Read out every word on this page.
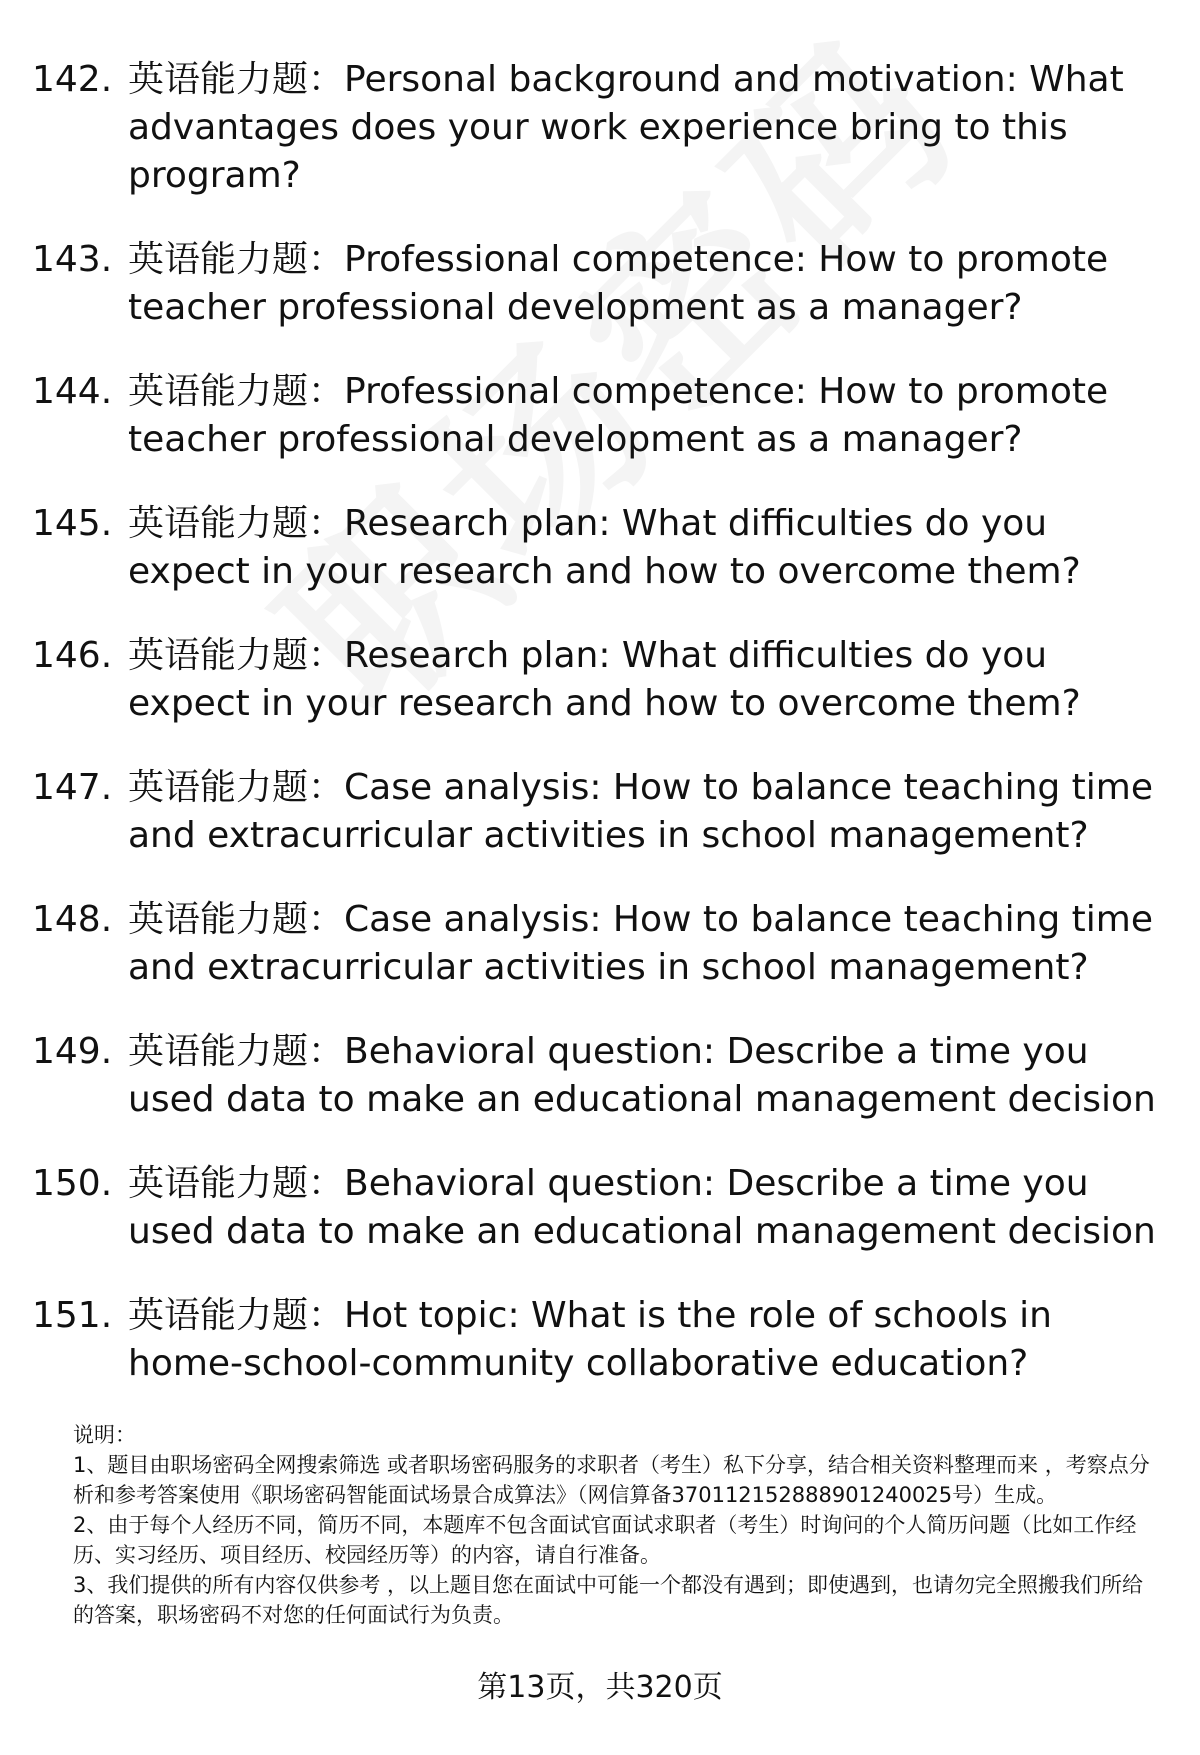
142. 英语能力题：Personal background and motivation: What advantages does your work experience bring to this program?
143. 英语能力题：Professional competence: How to promote teacher professional development as a manager?
144. 英语能力题：Professional competence: How to promote teacher professional development as a manager?
145. 英语能力题：Research plan: What difficulties do you expect in your research and how to overcome them?
146. 英语能力题：Research plan: What difficulties do you expect in your research and how to overcome them?
147. 英语能力题：Case analysis: How to balance teaching time and extracurricular activities in school management?
148. 英语能力题：Case analysis: How to balance teaching time and extracurricular activities in school management?
149. 英语能力题：Behavioral question: Describe a time you used data to make an educational management decision
150. 英语能力题：Behavioral question: Describe a time you used data to make an educational management decision
151. 英语能力题：Hot topic: What is the role of schools in home-school-community collaborative education?

说明：

1、题目由职场密码全网搜索筛选 或者职场密码服务的求职者（考生）私下分享，结合相关资料整理而来 ，考察点分析和参考答案使用《职场密码智能面试场景合成算法》（网信算备370112152888901240025号）生成。

2、由于每个人经历不同，简历不同，本题库不包含面试官面试求职者（考生）时询问的个人简历问题（比如工作经历、实习经历、项目经历、校园经历等）的内容，请自行准备。

3、我们提供的所有内容仅供参考 ，以上题目您在面试中可能一个都没有遇到；即使遇到，也请勿完全照搬我们所给的答案，职场密码不对您的任何面试行为负责。

第13页，共320页
